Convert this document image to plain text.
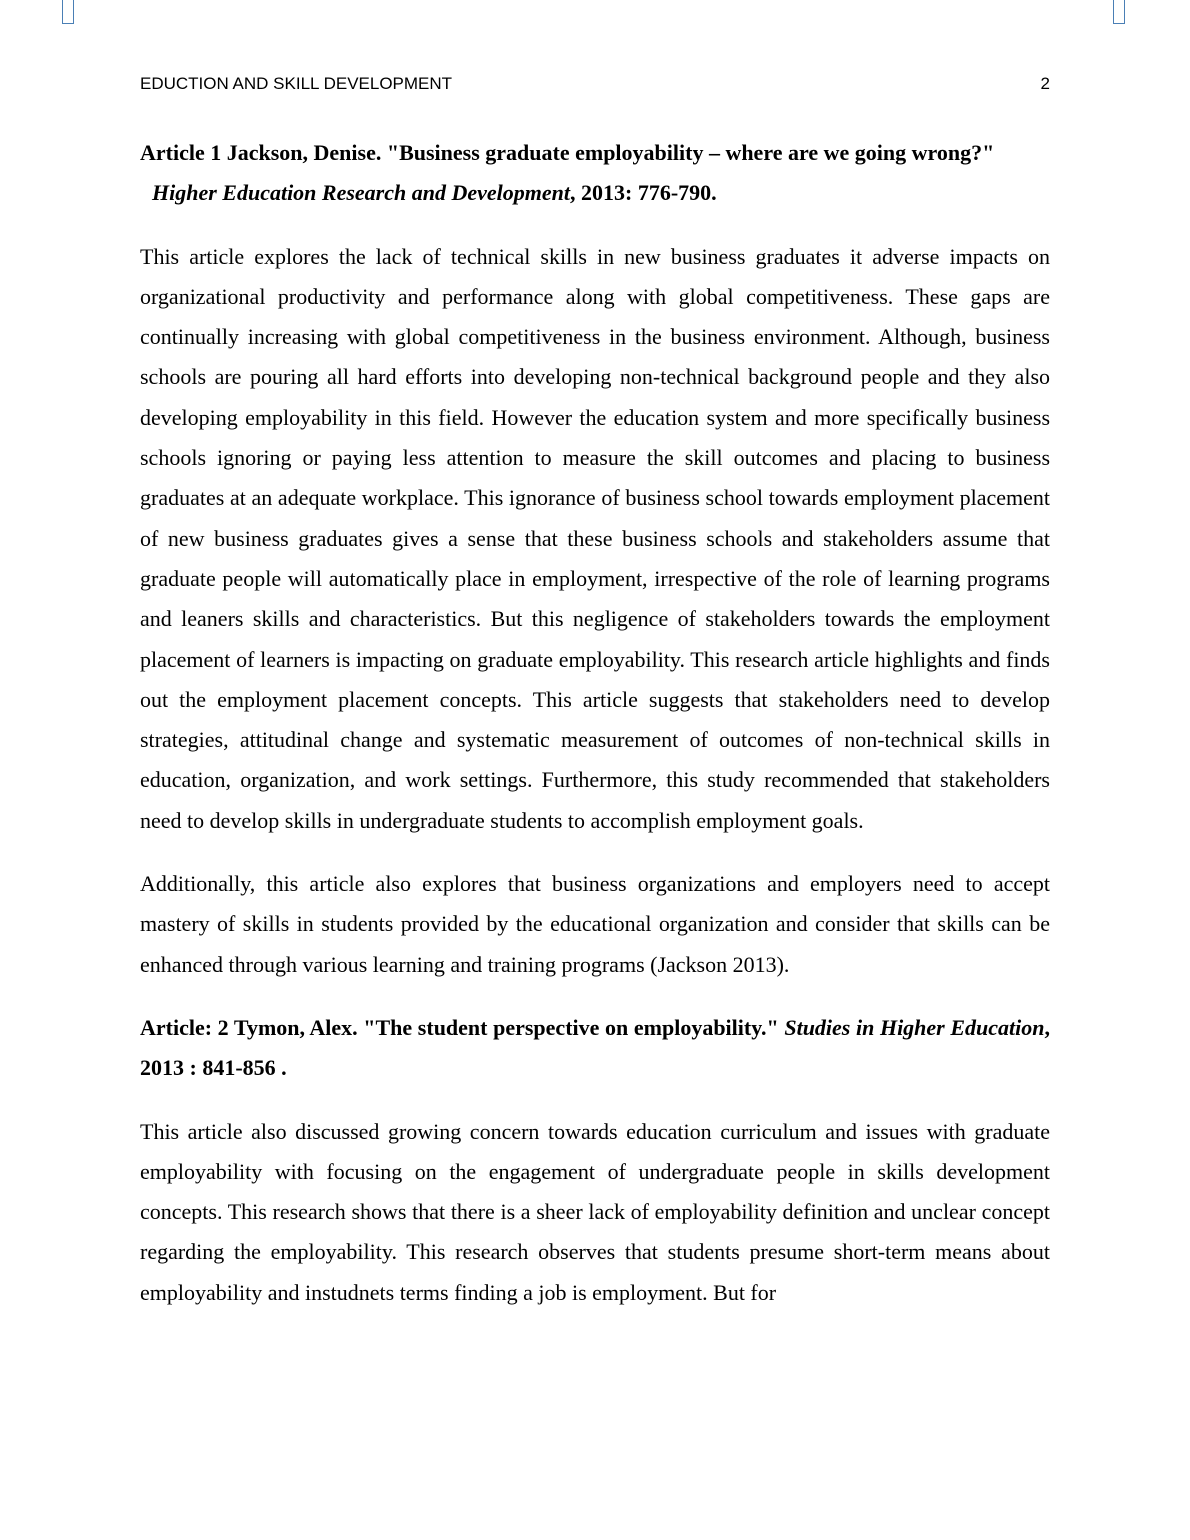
EDUCTION AND SKILL DEVELOPMENT	2

Article 1 Jackson, Denise. "Business graduate employability – where are we going wrong?" Higher Education Research and Development, 2013: 776-790.

This article explores the lack of technical skills in new business graduates it adverse impacts on organizational productivity and performance along with global competitiveness. These gaps are continually increasing with global competitiveness in the business environment. Although, business schools are pouring all hard efforts into developing non-technical background people and they also developing employability in this field. However the education system and more specifically business schools ignoring or paying less attention to measure the skill outcomes and placing to business graduates at an adequate workplace. This ignorance of business school towards employment placement of new business graduates gives a sense that these business schools and stakeholders assume that graduate people will automatically place in employment, irrespective of the role of learning programs and leaners skills and characteristics. But this negligence of stakeholders towards the employment placement of learners is impacting on graduate employability. This research article highlights and finds out the employment placement concepts. This article suggests that stakeholders need to develop strategies, attitudinal change and systematic measurement of outcomes of non-technical skills in education, organization, and work settings. Furthermore, this study recommended that stakeholders need to develop skills in undergraduate students to accomplish employment goals.

Additionally, this article also explores that business organizations and employers need to accept mastery of skills in students provided by the educational organization and consider that skills can be enhanced through various learning and training programs (Jackson 2013).

Article: 2 Tymon, Alex. "The student perspective on employability." Studies in Higher Education, 2013 : 841-856 .

This article also discussed growing concern towards education curriculum and issues with graduate employability with focusing on the engagement of undergraduate people in skills development concepts. This research shows that there is a sheer lack of employability definition and unclear concept regarding the employability. This research observes that students presume short-term means about employability and instudnets terms finding a job is employment. But for
